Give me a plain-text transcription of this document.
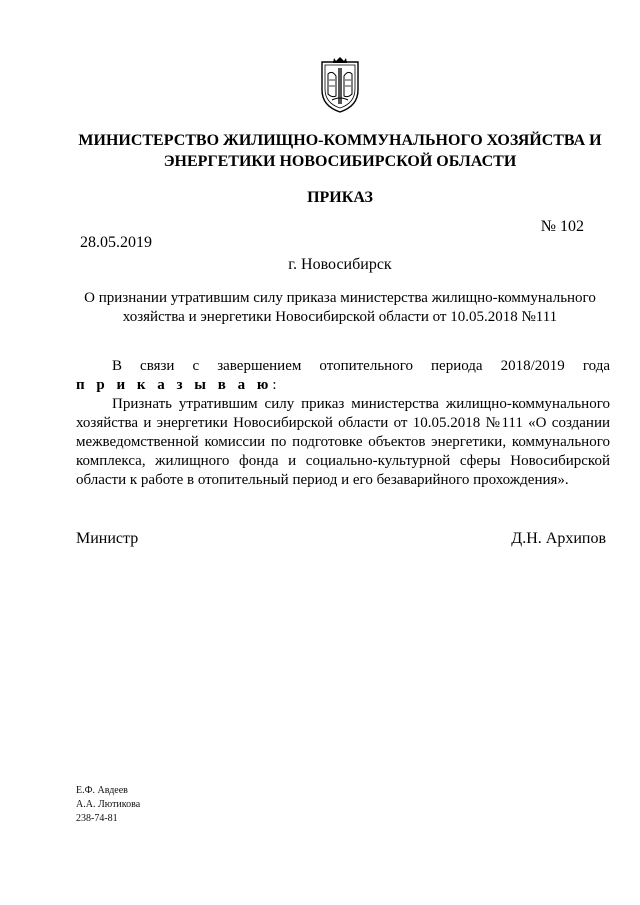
МИНИСТЕРСТВО ЖИЛИЩНО-КОММУНАЛЬНОГО ХОЗЯЙСТВА И
ЭНЕРГЕТИКИ НОВОСИБИРСКОЙ ОБЛАСТИ
ПРИКАЗ
№ 102
28.05.2019
г. Новосибирск
О признании утратившим силу приказа министерства жилищно-коммунального
хозяйства и энергетики Новосибирской области от 10.05.2018 №111

В связи с завершением отопительного периода 2018/2019 года

п р и к а з ы в а ю:

Признать утратившим силу приказ министерства жилищно-коммунального хозяйства и энергетики Новосибирской области от 10.05.2018 №111 «О создании межведомственной комиссии по подготовке объектов энергетики, коммунального комплекса, жилищного фонда и социально-культурной сферы Новосибирской области к работе в отопительный период и его безаварийного прохождения».

Министр	Д.Н. Архипов
Е.Ф. Авдеев
А.А. Лютикова
238-74-81
